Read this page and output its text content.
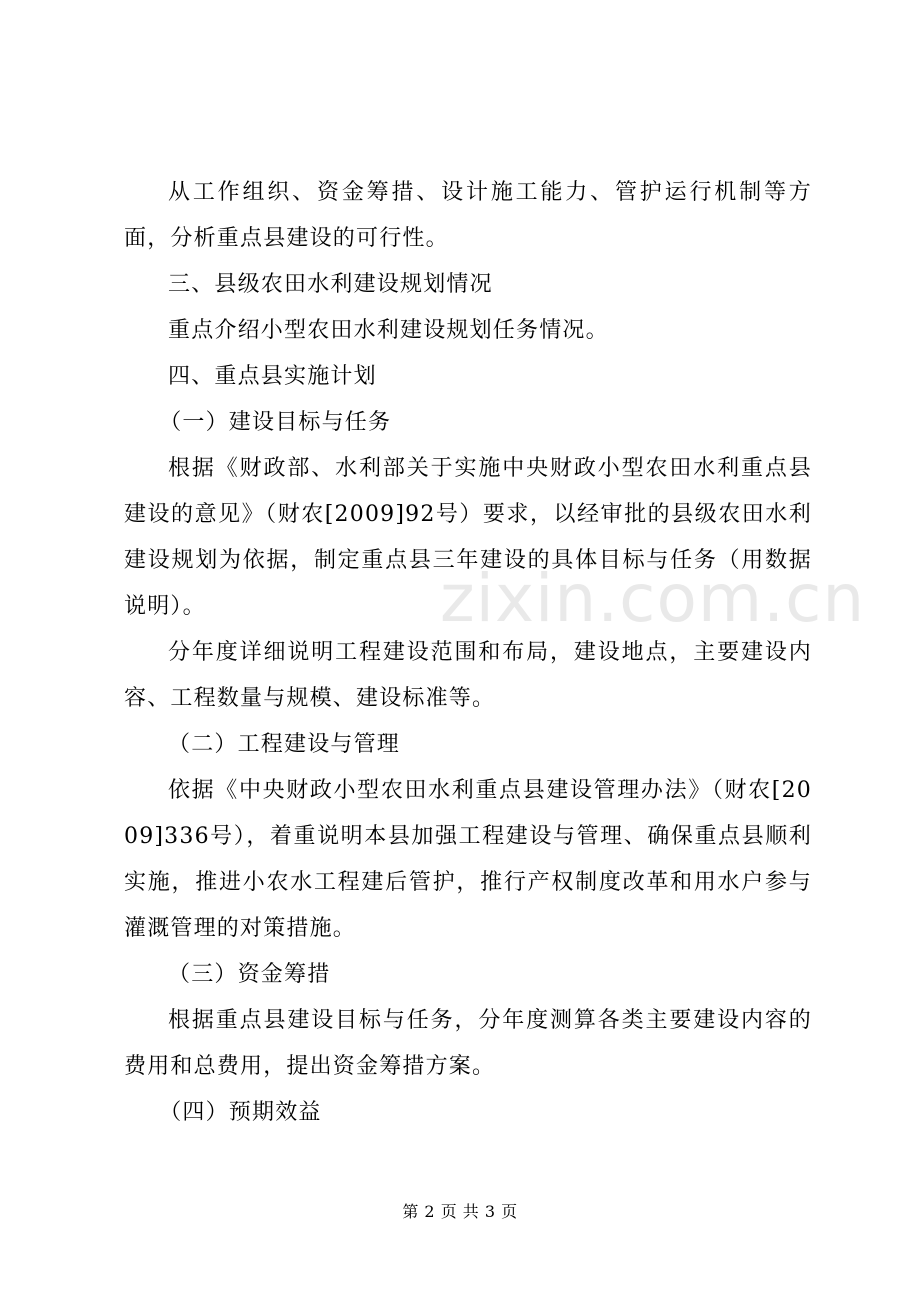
zixin.com.cn

从工作组织、资金筹措、设计施工能力、管护运行机制等方面，分析重点县建设的可行性。

三、县级农田水利建设规划情况

重点介绍小型农田水利建设规划任务情况。

四、重点县实施计划

（一）建设目标与任务

根据《财政部、水利部关于实施中央财政小型农田水利重点县建设的意见》（财农[2009]92号）要求，以经审批的县级农田水利建设规划为依据，制定重点县三年建设的具体目标与任务（用数据说明）。

分年度详细说明工程建设范围和布局，建设地点，主要建设内容、工程数量与规模、建设标准等。

（二）工程建设与管理

依据《中央财政小型农田水利重点县建设管理办法》（财农[2009]336号），着重说明本县加强工程建设与管理、确保重点县顺利实施，推进小农水工程建后管护，推行产权制度改革和用水户参与灌溉管理的对策措施。

（三）资金筹措

根据重点县建设目标与任务，分年度测算各类主要建设内容的费用和总费用，提出资金筹措方案。

（四）预期效益

第 2 页 共 3 页
